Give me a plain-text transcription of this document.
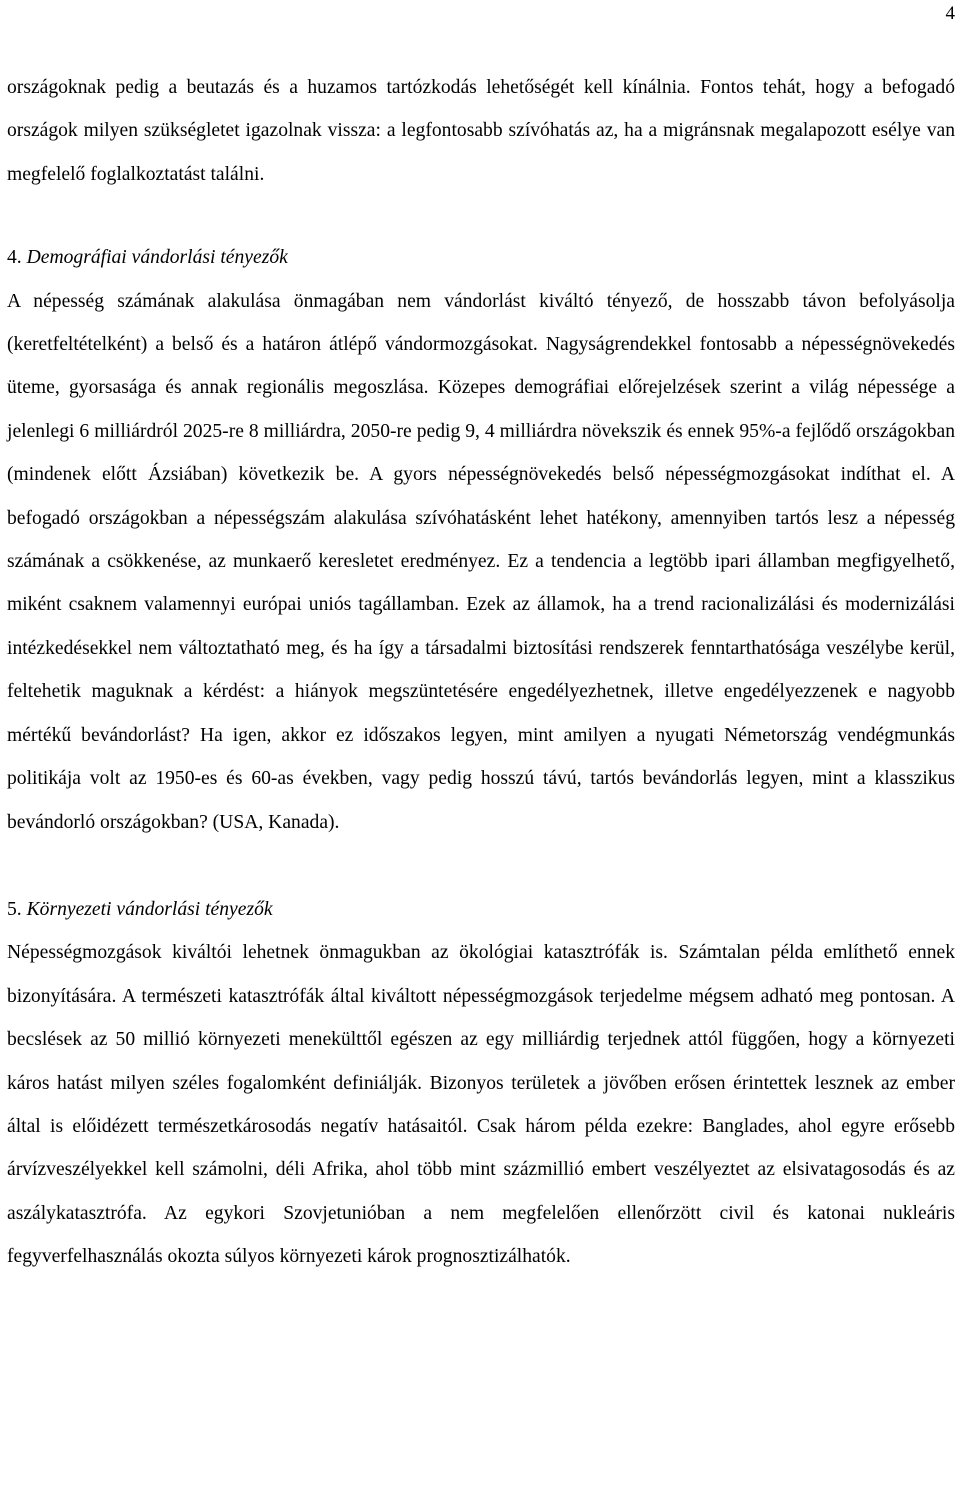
4

országoknak pedig a beutazás és a huzamos tartózkodás lehetőségét kell kínálnia. Fontos tehát, hogy a befogadó országok milyen szükségletet igazolnak vissza: a legfontosabb szívóhatás az, ha a migránsnak megalapozott esélye van megfelelő foglalkoztatást találni.

4. Demográfiai vándorlási tényezők

A népesség számának alakulása önmagában nem vándorlást kiváltó tényező, de hosszabb távon befolyásolja (keretfeltételként) a belső és a határon átlépő vándormozgásokat. Nagyságrendekkel fontosabb a népességnövekedés üteme, gyorsasága és annak regionális megoszlása. Közepes demográfiai előrejelzések szerint a világ népessége a jelenlegi 6 milliárdról 2025-re 8 milliárdra, 2050-re pedig 9, 4 milliárdra növekszik és ennek 95%-a fejlődő országokban (mindenek előtt Ázsiában) következik be. A gyors népességnövekedés belső népességmozgásokat indíthat el. A befogadó országokban a népességszám alakulása szívóhatásként lehet hatékony, amennyiben tartós lesz a népesség számának a csökkenése, az munkaerő keresletet eredményez. Ez a tendencia a legtöbb ipari államban megfigyelhető, miként csaknem valamennyi európai uniós tagállamban. Ezek az államok, ha a trend racionalizálási és modernizálási intézkedésekkel nem változtatható meg, és ha így a társadalmi biztosítási rendszerek fenntarthatósága veszélybe kerül, feltehetik maguknak a kérdést: a hiányok megszüntetésére engedélyezhetnek, illetve engedélyezzenek e nagyobb mértékű bevándorlást? Ha igen, akkor ez időszakos legyen, mint amilyen a nyugati Németország vendégmunkás politikája volt az 1950-es és 60-as években, vagy pedig hosszú távú, tartós bevándorlás legyen, mint a klasszikus bevándorló országokban? (USA, Kanada).

5. Környezeti vándorlási tényezők

Népességmozgások kiváltói lehetnek önmagukban az ökológiai katasztrófák is. Számtalan példa említhető ennek bizonyítására. A természeti katasztrófák által kiváltott népességmozgások terjedelme mégsem adható meg pontosan. A becslések az 50 millió környezeti menekülttől egészen az egy milliárdig terjednek attól függően, hogy a környezeti káros hatást milyen széles fogalomként definiálják. Bizonyos területek a jövőben erősen érintettek lesznek az ember által is előidézett természetkárosodás negatív hatásaitól. Csak három példa ezekre: Banglades, ahol egyre erősebb árvízveszélyekkel kell számolni, déli Afrika, ahol több mint százmillió embert veszélyeztet az elsivatagosodás és az aszálykatasztrófa. Az egykori Szovjetunióban a nem megfelelően ellenőrzött civil és katonai nukleáris fegyverfelhasználás okozta súlyos környezeti károk prognosztizálhatók.
